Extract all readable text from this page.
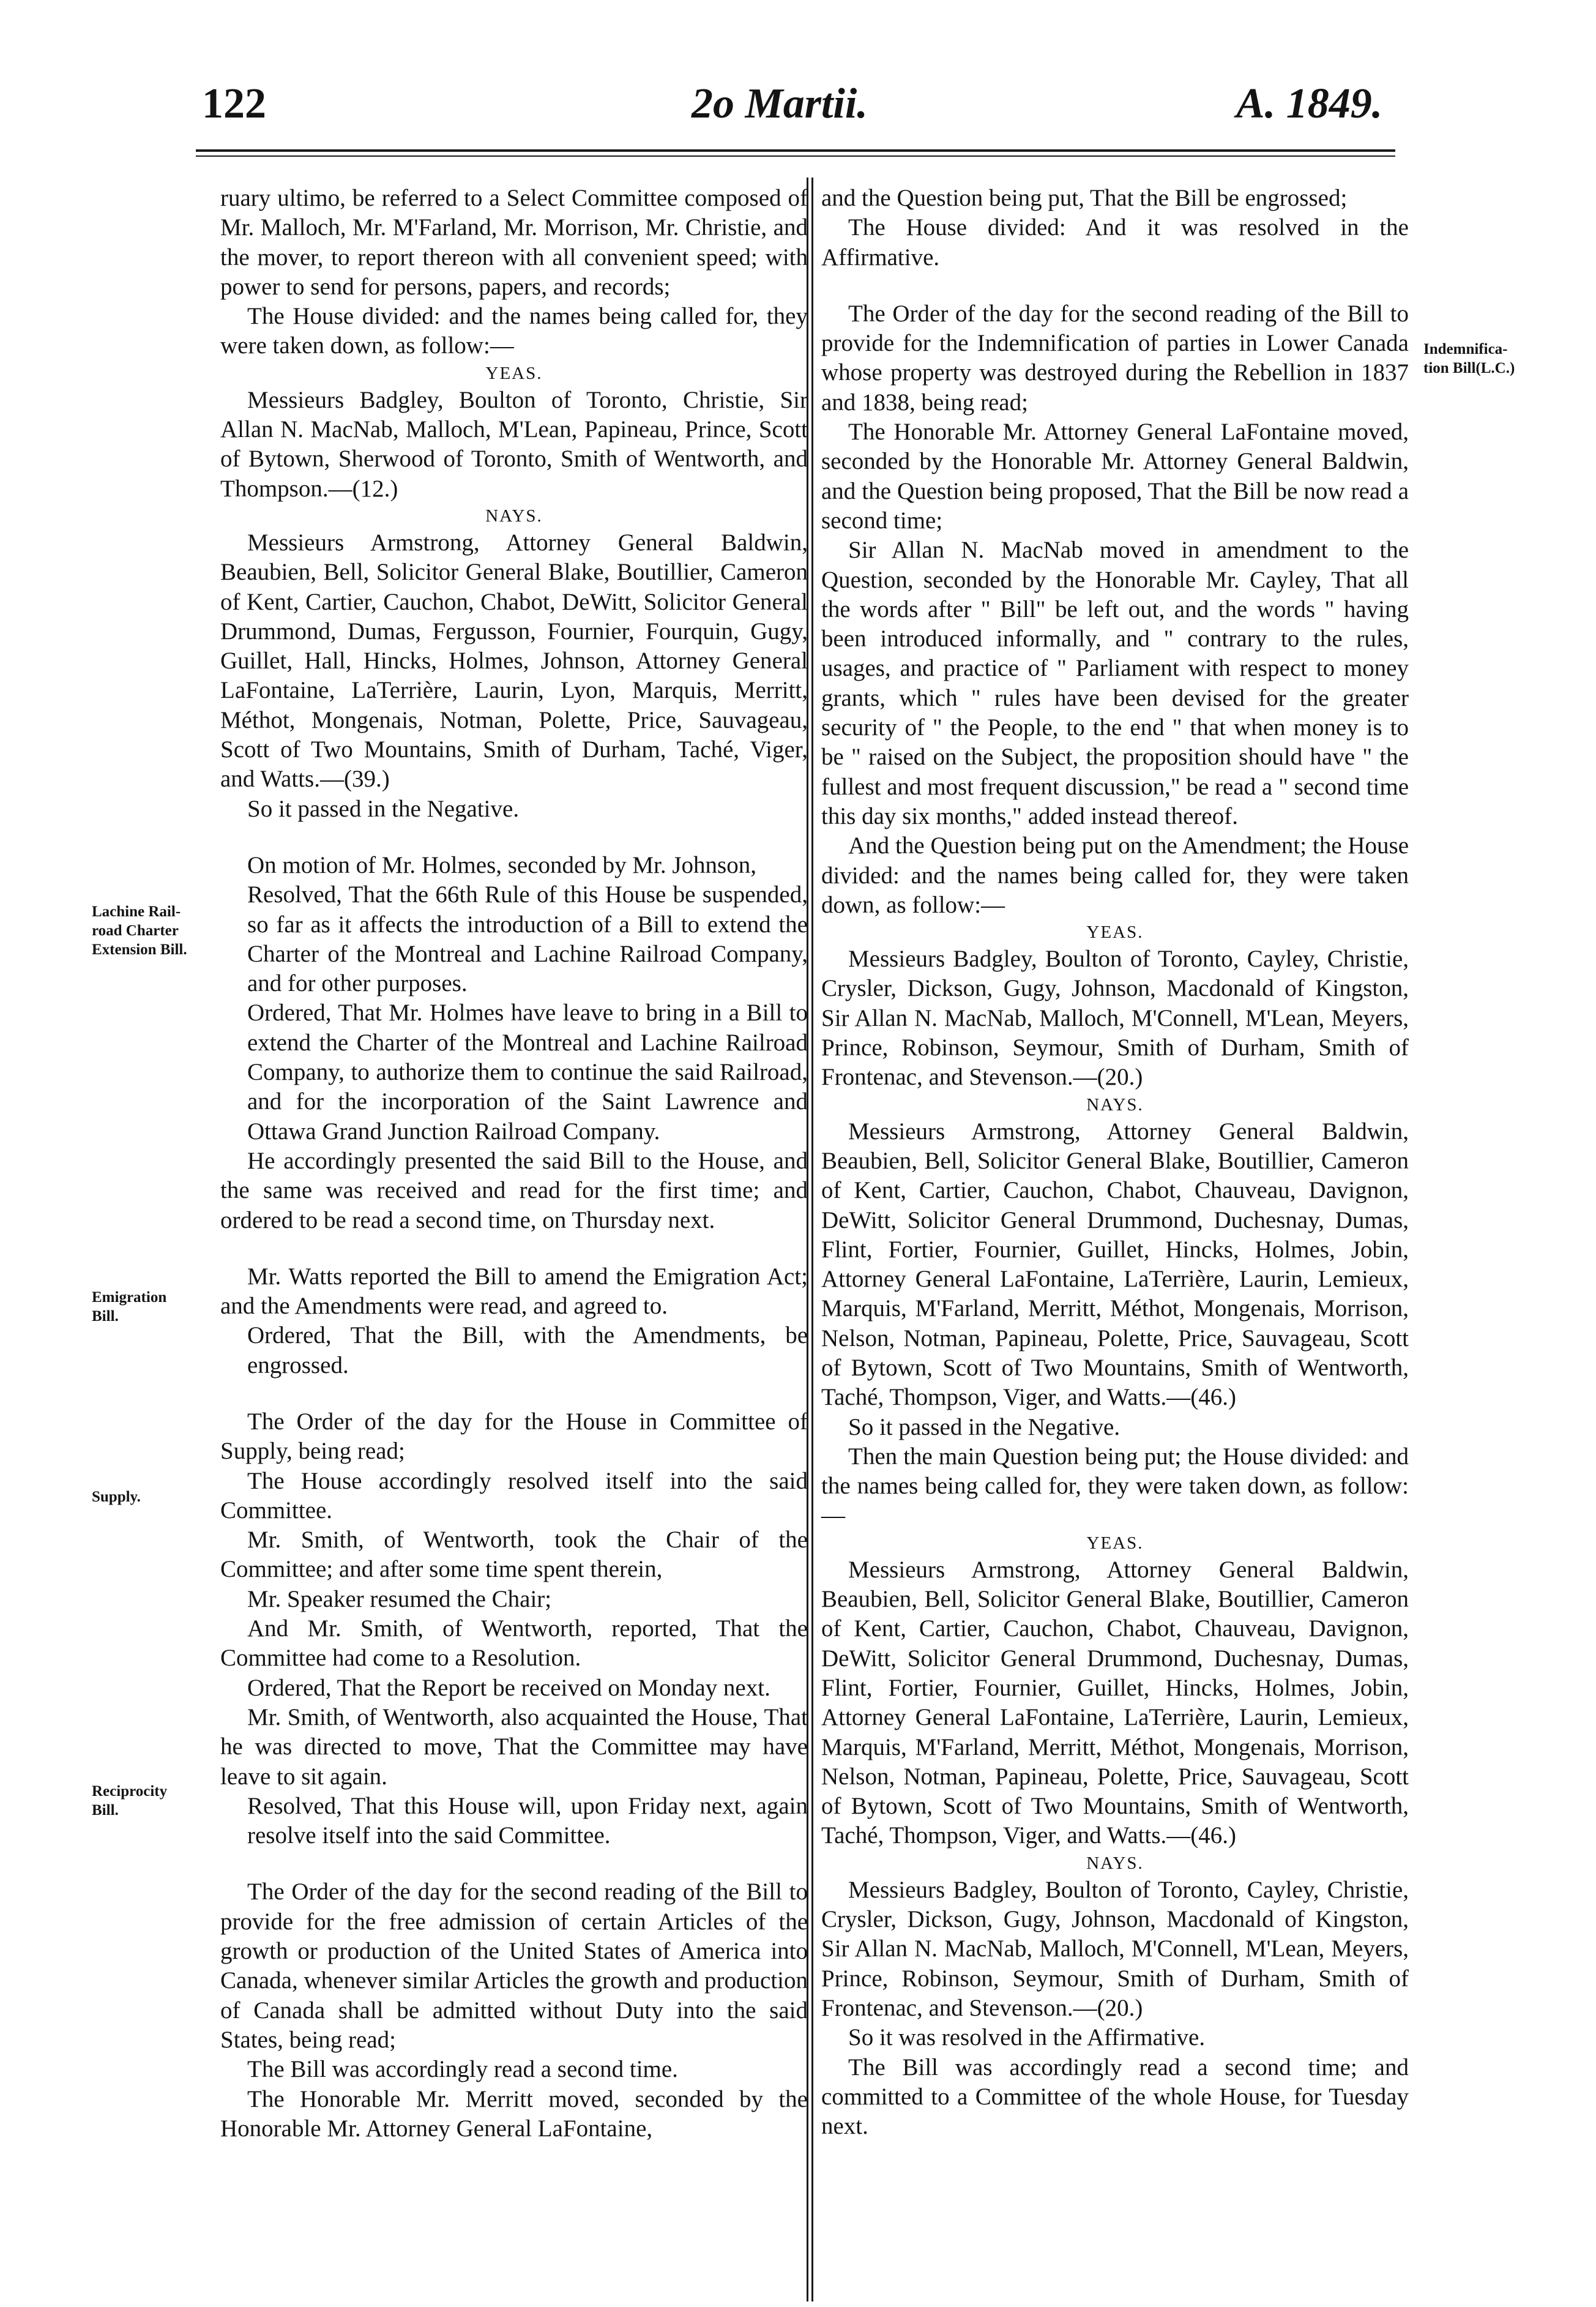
122	2o Martii.	A. 1849.
Lachine Rail-
road Charter
Extension Bill.
Emigration
Bill.
Supply.
Reciprocity
Bill.
Indemnifica-
tion Bill(L.C.)

ruary ultimo, be referred to a Select Committee composed of Mr. Malloch, Mr. M'Farland, Mr. Morrison, Mr. Christie, and the mover, to report thereon with all convenient speed; with power to send for persons, papers, and records;

The House divided: and the names being called for, they were taken down, as follow:—

YEAS.

Messieurs Badgley, Boulton of Toronto, Christie, Sir Allan N. MacNab, Malloch, M'Lean, Papineau, Prince, Scott of Bytown, Sherwood of Toronto, Smith of Wentworth, and Thompson.—(12.)

NAYS.

Messieurs Armstrong, Attorney General Baldwin, Beaubien, Bell, Solicitor General Blake, Boutillier, Cameron of Kent, Cartier, Cauchon, Chabot, DeWitt, Solicitor General Drummond, Dumas, Fergusson, Fournier, Fourquin, Gugy, Guillet, Hall, Hincks, Holmes, Johnson, Attorney General LaFontaine, LaTerrière, Laurin, Lyon, Marquis, Merritt, Méthot, Mongenais, Notman, Polette, Price, Sauvageau, Scott of Two Mountains, Smith of Durham, Taché, Viger, and Watts.—(39.)

So it passed in the Negative.

On motion of Mr. Holmes, seconded by Mr. Johnson,

Resolved, That the 66th Rule of this House be suspended, so far as it affects the introduction of a Bill to extend the Charter of the Montreal and Lachine Railroad Company, and for other purposes.

Ordered, That Mr. Holmes have leave to bring in a Bill to extend the Charter of the Montreal and Lachine Railroad Company, to authorize them to continue the said Railroad, and for the incorporation of the Saint Lawrence and Ottawa Grand Junction Railroad Company.

He accordingly presented the said Bill to the House, and the same was received and read for the first time; and ordered to be read a second time, on Thursday next.

Mr. Watts reported the Bill to amend the Emigration Act; and the Amendments were read, and agreed to.

Ordered, That the Bill, with the Amendments, be engrossed.

The Order of the day for the House in Committee of Supply, being read;

The House accordingly resolved itself into the said Committee.

Mr. Smith, of Wentworth, took the Chair of the Committee; and after some time spent therein,

Mr. Speaker resumed the Chair;

And Mr. Smith, of Wentworth, reported, That the Committee had come to a Resolution.

Ordered, That the Report be received on Monday next.

Mr. Smith, of Wentworth, also acquainted the House, That he was directed to move, That the Committee may have leave to sit again.

Resolved, That this House will, upon Friday next, again resolve itself into the said Committee.

The Order of the day for the second reading of the Bill to provide for the free admission of certain Articles of the growth or production of the United States of America into Canada, whenever similar Articles the growth and production of Canada shall be admitted without Duty into the said States, being read;

The Bill was accordingly read a second time.

The Honorable Mr. Merritt moved, seconded by the Honorable Mr. Attorney General LaFontaine,

and the Question being put, That the Bill be engrossed;

The House divided: And it was resolved in the Affirmative.

The Order of the day for the second reading of the Bill to provide for the Indemnification of parties in Lower Canada whose property was destroyed during the Rebellion in 1837 and 1838, being read;

The Honorable Mr. Attorney General LaFontaine moved, seconded by the Honorable Mr. Attorney General Baldwin, and the Question being proposed, That the Bill be now read a second time;

Sir Allan N. MacNab moved in amendment to the Question, seconded by the Honorable Mr. Cayley, That all the words after " Bill" be left out, and the words " having been introduced informally, and " contrary to the rules, usages, and practice of " Parliament with respect to money grants, which " rules have been devised for the greater security of " the People, to the end " that when money is to be " raised on the Subject, the proposition should have " the fullest and most frequent discussion," be read a " second time this day six months," added instead thereof.

And the Question being put on the Amendment; the House divided: and the names being called for, they were taken down, as follow:—

YEAS.

Messieurs Badgley, Boulton of Toronto, Cayley, Christie, Crysler, Dickson, Gugy, Johnson, Macdonald of Kingston, Sir Allan N. MacNab, Malloch, M'Connell, M'Lean, Meyers, Prince, Robinson, Seymour, Smith of Durham, Smith of Frontenac, and Stevenson.—(20.)

NAYS.

Messieurs Armstrong, Attorney General Baldwin, Beaubien, Bell, Solicitor General Blake, Boutillier, Cameron of Kent, Cartier, Cauchon, Chabot, Chauveau, Davignon, DeWitt, Solicitor General Drummond, Duchesnay, Dumas, Flint, Fortier, Fournier, Guillet, Hincks, Holmes, Jobin, Attorney General LaFontaine, LaTerrière, Laurin, Lemieux, Marquis, M'Farland, Merritt, Méthot, Mongenais, Morrison, Nelson, Notman, Papineau, Polette, Price, Sauvageau, Scott of Bytown, Scott of Two Mountains, Smith of Wentworth, Taché, Thompson, Viger, and Watts.—(46.)

So it passed in the Negative.

Then the main Question being put; the House divided: and the names being called for, they were taken down, as follow:—

YEAS.

Messieurs Armstrong, Attorney General Baldwin, Beaubien, Bell, Solicitor General Blake, Boutillier, Cameron of Kent, Cartier, Cauchon, Chabot, Chauveau, Davignon, DeWitt, Solicitor General Drummond, Duchesnay, Dumas, Flint, Fortier, Fournier, Guillet, Hincks, Holmes, Jobin, Attorney General LaFontaine, LaTerrière, Laurin, Lemieux, Marquis, M'Farland, Merritt, Méthot, Mongenais, Morrison, Nelson, Notman, Papineau, Polette, Price, Sauvageau, Scott of Bytown, Scott of Two Mountains, Smith of Wentworth, Taché, Thompson, Viger, and Watts.—(46.)

NAYS.

Messieurs Badgley, Boulton of Toronto, Cayley, Christie, Crysler, Dickson, Gugy, Johnson, Macdonald of Kingston, Sir Allan N. MacNab, Malloch, M'Connell, M'Lean, Meyers, Prince, Robinson, Seymour, Smith of Durham, Smith of Frontenac, and Stevenson.—(20.)

So it was resolved in the Affirmative.

The Bill was accordingly read a second time; and committed to a Committee of the whole House, for Tuesday next.
